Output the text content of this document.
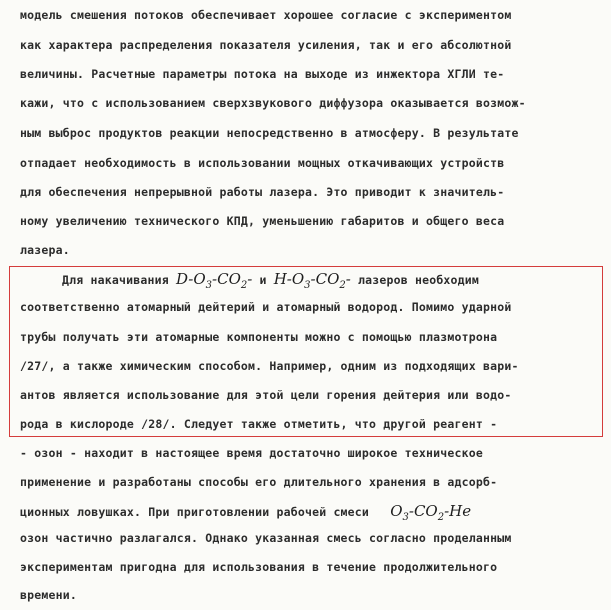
модель смешения потоков обеспечивает хорошее согласие с экспериментом
как характера распределения показателя усиления, так и его абсолютной
величины. Расчетные параметры потока на выходе из инжектора ХГЛИ те-
кажи, что с использованием сверхзвукового диффузора оказывается возмож-
ным выброс продуктов реакции непосредственно в атмосферу. В результате
отпадает необходимость в использовании мощных откачивающих устройств
для обеспечения непрерывной работы лазера. Это приводит к значитель-
ному увеличению технического КПД, уменьшению габаритов и общего веса
лазера.
Для накачивания $D-O_3-CO_2-$ и $H-O_3-CO_2-$ лазеров необходим
соответственно атомарный дейтерий и атомарный водород. Помимо ударной
трубы получать эти атомарные компоненты можно с помощью плазмотрона
/27/, а также химическим способом. Например, одним из подходящих вари-
антов является использование для этой цели горения дейтерия или водо-
рода в кислороде /28/. Следует также отметить, что другой реагент -
- озон - находит в настоящее время достаточно широкое техническое
применение и разработаны способы его длительного хранения в адсорб-
ционных ловушках. При приготовлении рабочей смеси $O_3-CO_2-He$
озон частично разлагался. Однако указанная смесь согласно проделанным
экспериментам пригодна для использования в течение продолжительного
времени.
